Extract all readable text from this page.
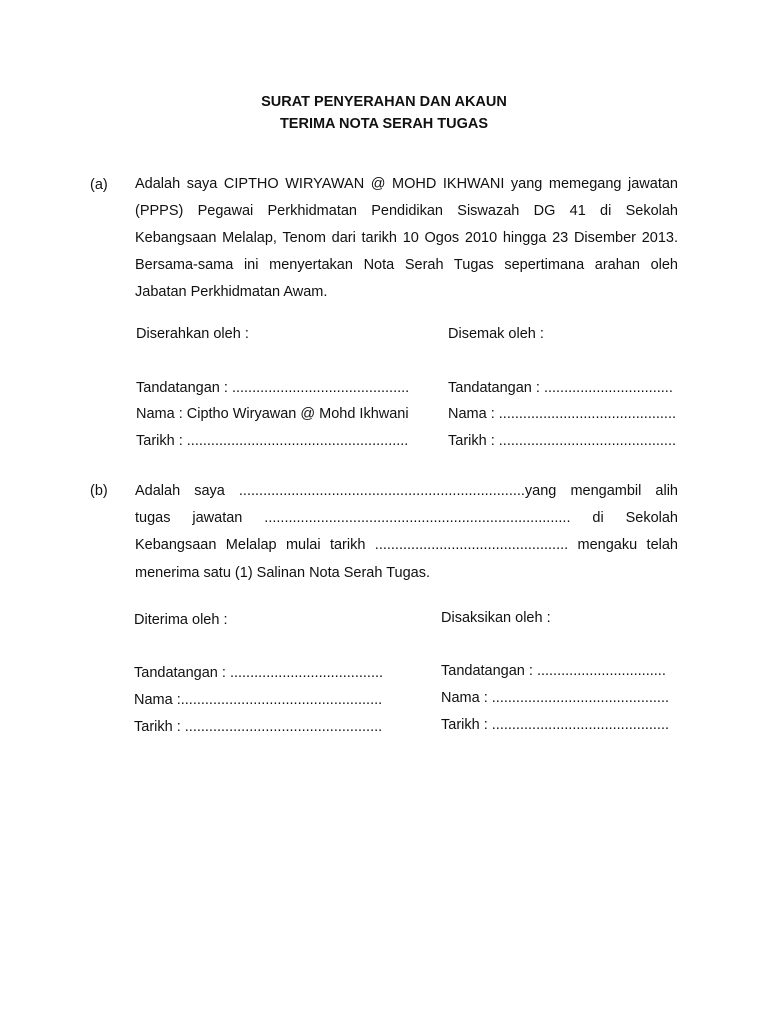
SURAT PENYERAHAN DAN AKAUN
TERIMA NOTA SERAH TUGAS
(a) Adalah saya CIPTHO WIRYAWAN @ MOHD IKHWANI yang memegang jawatan (PPPS) Pegawai Perkhidmatan Pendidikan Siswazah DG 41 di Sekolah Kebangsaan Melalap, Tenom dari tarikh 10 Ogos 2010 hingga 23 Disember 2013. Bersama-sama ini menyertakan Nota Serah Tugas sepertimana arahan oleh Jabatan Perkhidmatan Awam.
Diserahkan oleh :	Disemak oleh :
Tandatangan : ............................................	Tandatangan : ................................
Nama : Ciptho Wiryawan @ Mohd Ikhwani	Nama : ............................................
Tarikh : .......................................................	Tarikh : ............................................
(b) Adalah saya .......................................................................yang mengambil alih
tugas jawatan ............................................................................ di Sekolah
Kebangsaan Melalap mulai tarikh ................................................ mengaku telah
menerima satu (1) Salinan Nota Serah Tugas.
Diterima oleh :	Disaksikan oleh :
Tandatangan : ......................................	Tandatangan : ................................
Nama :..................................................	Nama : ............................................
Tarikh : .................................................	Tarikh : ............................................
